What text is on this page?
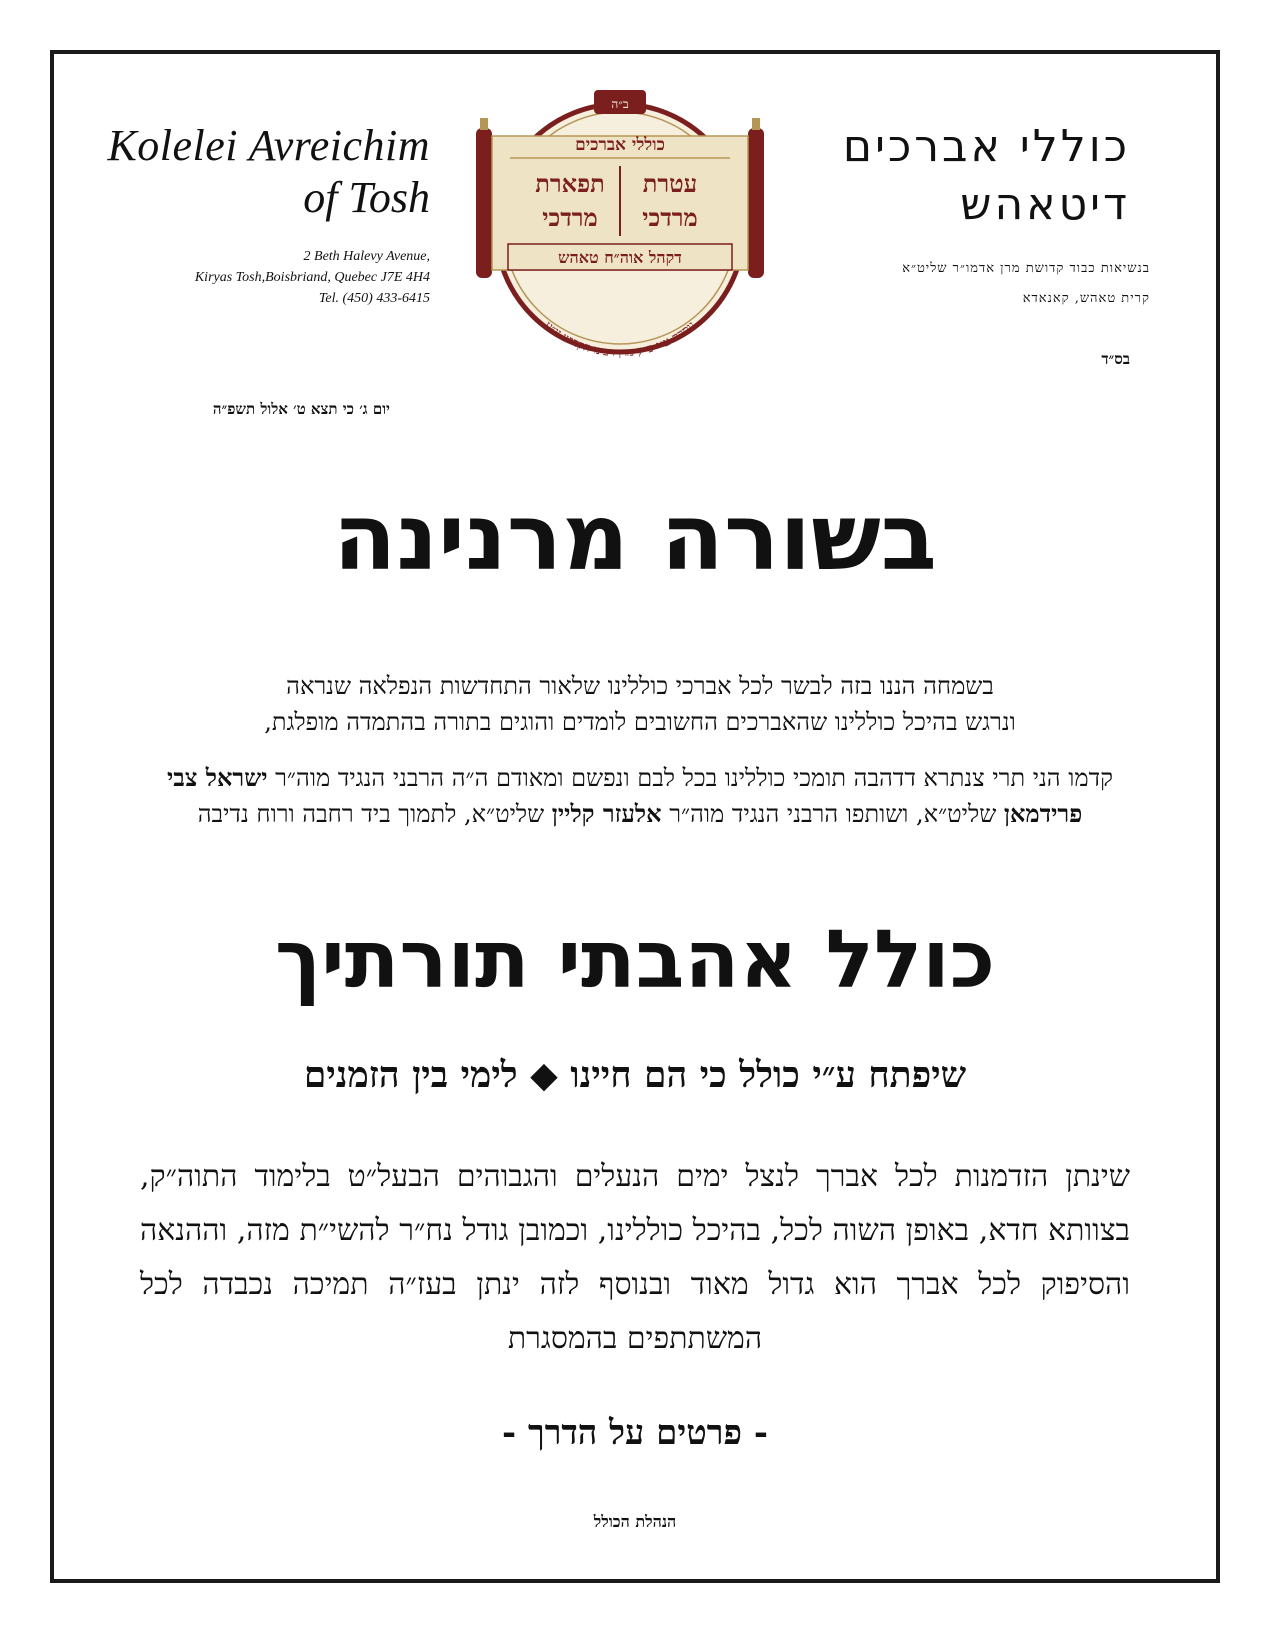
Kolelei Avreichim
of Tosh
2 Beth Halevy Avenue,
Kiryas Tosh,Boisbriand, Quebec J7E 4H4
Tel. (450) 433-6415
ב״ה
כוללי אברכים
עטרת
מרדכי
תפארת
מרדכי
דקהל אוה״ח טאהש
נוסדה ע״י כ״ק מרן רבינו הקדוש זי״ע
כוללי אברכים
דיטאהש
בנשיאות כבוד קדושת מרן אדמו״ר שליט״א
קרית טאהש, קאנאדא
בס״ד
יום ג׳ כי תצא ט׳ אלול תשפ״ה
בשורה מרנינה
בשמחה הננו בזה לבשר לכל אברכי כוללינו שלאור התחדשות הנפלאה שנראה
ונרגש בהיכל כוללינו שהאברכים החשובים לומדים והוגים בתורה בהתמדה מופלגת,
קדמו הני תרי צנתרא דדהבה תומכי כוללינו בכל לבם ונפשם ומאודם ה״ה הרבני הנגיד מוה״ר ישראל צבי פרידמאן שליט״א, ושותפו הרבני הנגיד מוה״ר אלעזר קליין שליט״א, לתמוך ביד רחבה ורוח נדיבה
כולל אהבתי תורתיך
שיפתח ע״י כולל כי הם חיינו ◆ לימי בין הזמנים
שינתן הזדמנות לכל אברך לנצל ימים הנעלים והגבוהים הבעל״ט בלימוד התוה״ק, בצוותא חדא, באופן השוה לכל, בהיכל כוללינו, וכמובן גודל נח״ר להשי״ת מזה, וההנאה והסיפוק לכל אברך הוא גדול מאוד ובנוסף לזה ינתן בעז״ה תמיכה נכבדה לכל המשתתפים בהמסגרת
- פרטים על הדרך -
הנהלת הכולל
